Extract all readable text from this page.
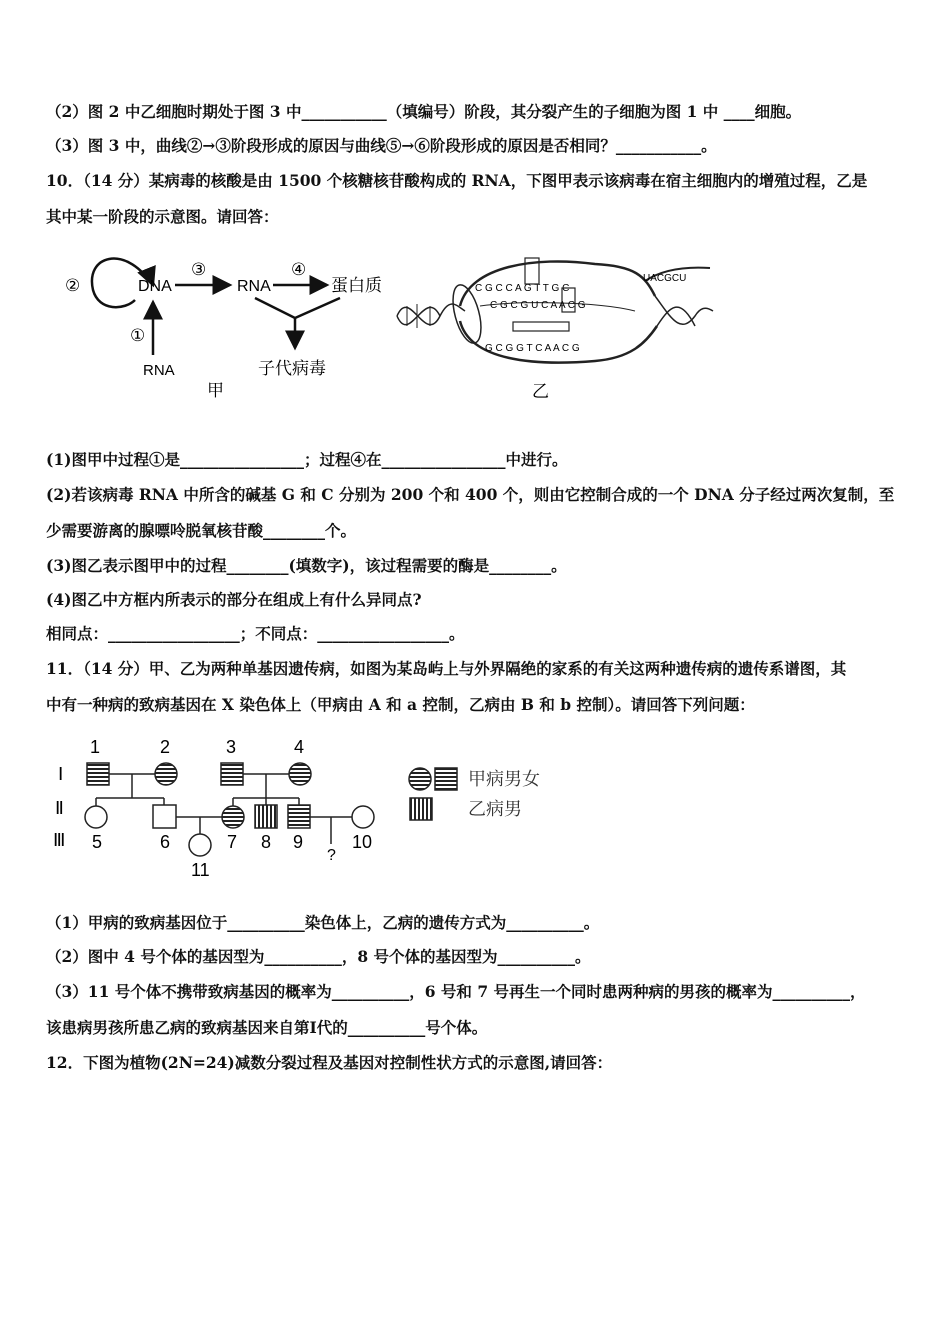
（2）图 2 中乙细胞时期处于图 3 中___________（填编号）阶段，其分裂产生的子细胞为图 1 中 ____细胞。
（3）图 3 中，曲线②→③阶段形成的原因与曲线⑤→⑥阶段形成的原因是否相同？___________。
10．（14 分）某病毒的核酸是由 1500 个核糖核苷酸构成的 RNA，下图甲表示该病毒在宿主细胞内的增殖过程，乙是
其中某一阶段的示意图。请回答：
②	DNA
③
RNA
④
蛋白质
①
RNA	子代病毒
甲
C G C C A G T T G C
C G C G U C A A C G
G C G G T C A A C G
UACGCU
乙
(1)图甲中过程①是________________；过程④在________________中进行。
(2)若该病毒 RNA 中所含的碱基 G 和 C 分别为 200 个和 400 个，则由它控制合成的一个 DNA 分子经过两次复制，至
少需要游离的腺嘌呤脱氧核苷酸________个。
(3)图乙表示图甲中的过程________(填数字)，该过程需要的酶是________。
(4)图乙中方框内所表示的部分在组成上有什么异同点?
相同点：_________________；不同点：_________________。
11．（14 分）甲、乙为两种单基因遗传病，如图为某岛屿上与外界隔绝的家系的有关这两种遗传病的遗传系谱图，其
中有一种病的致病基因在 X 染色体上（甲病由 A 和 a 控制，乙病由 B 和 b 控制）。请回答下列问题：
Ⅰ
Ⅱ
Ⅲ
1	2	3	4
5	6	7 8 9	10
11
?
甲病男女
乙病男
（1）甲病的致病基因位于__________染色体上，乙病的遗传方式为__________。
（2）图中 4 号个体的基因型为__________，8 号个体的基因型为__________。
（3）11 号个体不携带致病基因的概率为__________，6 号和 7 号再生一个同时患两种病的男孩的概率为__________，
该患病男孩所患乙病的致病基因来自第Ⅰ代的__________号个体。
12．下图为植物(2N=24)减数分裂过程及基因对控制性状方式的示意图,请回答：
